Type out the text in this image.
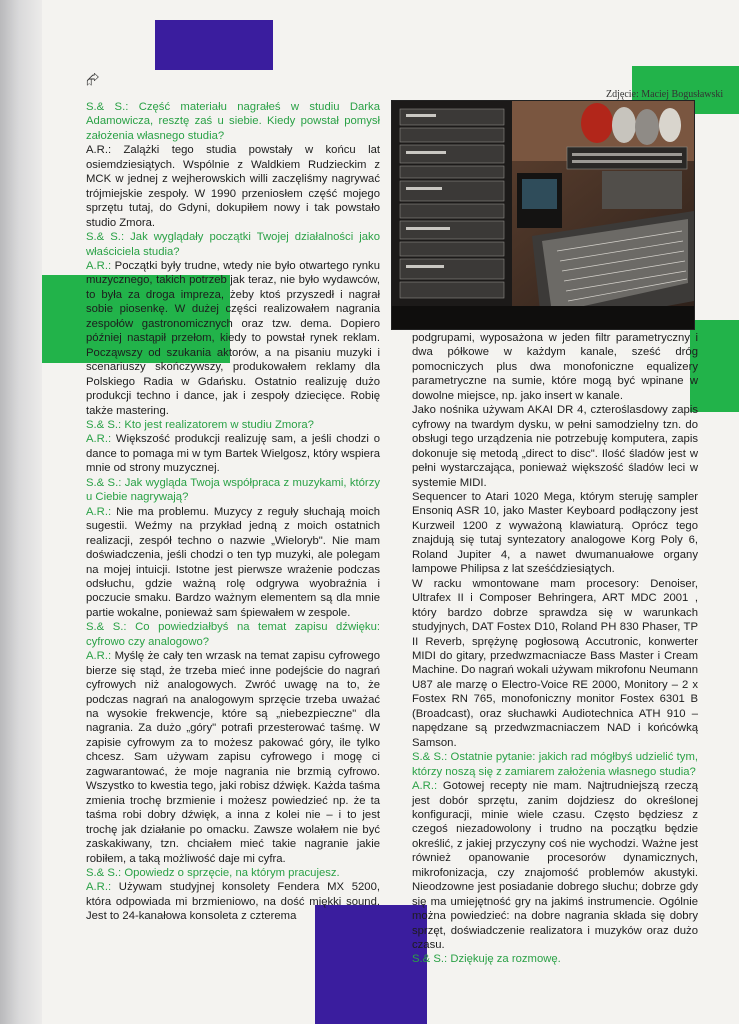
⮳
Zdjęcie: Maciej Bogusławski

S.& S.: Część materiału nagrałeś w studiu Darka Adamowicza, resztę zaś u siebie. Kiedy powstał pomysł założenia własnego studia?

A.R.: Zalążki tego studia powstały w końcu lat osiemdziesiątych. Wspólnie z Waldkiem Rudzieckim z MCK w jednej z wejherowskich willi zaczęliśmy nagrywać trójmiejskie zespoły. W 1990 przeniosłem część mojego sprzętu tutaj, do Gdyni, dokupiłem nowy i tak powstało studio Zmora.

S.& S.: Jak wyglądały początki Twojej działalności jako właściciela studia?

A.R.: Początki były trudne, wtedy nie było otwartego rynku muzycznego, takich potrzeb jak teraz, nie było wydawców, to była za droga impreza, żeby ktoś przyszedł i nagrał sobie piosenkę. W dużej części realizowałem nagrania zespołów gastronomicznych oraz tzw. dema. Dopiero później nastąpił przełom, kiedy to powstał rynek reklam. Począwszy od szukania aktorów, a na pisaniu muzyki i scenariuszy skończywszy, produkowałem reklamy dla Polskiego Radia w Gdańsku. Ostatnio realizuję dużo produkcji techno i dance, jak i zespoły dziecięce. Robię także mastering.

S.& S.: Kto jest realizatorem w studiu Zmora?

A.R.: Większość produkcji realizuję sam, a jeśli chodzi o dance to pomaga mi w tym Bartek Wielgosz, który wspiera mnie od strony muzycznej.

S.& S.: Jak wygląda Twoja współpraca z muzykami, którzy u Ciebie nagrywają?

A.R.: Nie ma problemu. Muzycy z reguły słuchają moich sugestii. Weźmy na przykład jedną z moich ostatnich realizacji, zespół techno o nazwie „Wieloryb". Nie mam doświadczenia, jeśli chodzi o ten typ muzyki, ale polegam na mojej intuicji. Istotne jest pierwsze wrażenie podczas odsłuchu, gdzie ważną rolę odgrywa wyobraźnia i poczucie smaku. Bardzo ważnym elementem są dla mnie partie wokalne, ponieważ sam śpiewałem w zespole.

S.& S.: Co powiedziałbyś na temat zapisu dźwięku: cyfrowo czy analogowo?

A.R.: Myślę że cały ten wrzask na temat zapisu cyfrowego bierze się stąd, że trzeba mieć inne podejście do nagrań cyfrowych niż analogowych. Zwróć uwagę na to, że podczas nagrań na analogowym sprzęcie trzeba uważać na wysokie frekwencje, które są „niebezpieczne" dla nagrania. Za dużo „góry" potrafi przesterować taśmę. W zapisie cyfrowym za to możesz pakować góry, ile tylko chcesz. Sam używam zapisu cyfrowego i mogę ci zagwarantować, że moje nagrania nie brzmią cyfrowo. Wszystko to kwestia tego, jaki robisz dźwięk. Każda taśma zmienia trochę brzmienie i możesz powiedzieć np. że ta taśma robi dobry dźwięk, a inna z kolei nie – i to jest trochę jak działanie po omacku. Zawsze wolałem nie być zaskakiwany, tzn. chciałem mieć takie nagranie jakie robiłem, a taką możliwość daje mi cyfra.

S.& S.: Opowiedz o sprzęcie, na którym pracujesz.

A.R.: Używam studyjnej konsolety Fendera MX 5200, która odpowiada mi brzmieniowo, na dość miękki sound. Jest to 24-kanałowa konsoleta z czterema

podgrupami, wyposażona w jeden filtr parametryczny i dwa półkowe w każdym kanale, sześć dróg pomocniczych plus dwa monofoniczne equalizery parametryczne na sumie, które mogą być wpinane w dowolne miejsce, np. jako insert w kanale.

Jako nośnika używam AKAI DR 4, czteroślasdowy zapis cyfrowy na twardym dysku, w pełni samodzielny tzn. do obsługi tego urządzenia nie potrzebuję komputera, zapis dokonuje się metodą „direct to disc". Ilość śladów jest w pełni wystarczająca, ponieważ większość śladów leci w systemie MIDI.

Sequencer to Atari 1020 Mega, którym steruję sampler Ensoniq ASR 10, jako Master Keyboard podłączony jest Kurzweil 1200 z wyważoną klawiaturą. Oprócz tego znajdują się tutaj syntezatory analogowe Korg Poly 6, Roland Jupiter 4, a nawet dwumanuałowe organy lampowe Philipsa z lat sześćdziesiątych.

W racku wmontowane mam procesory: Denoiser, Ultrafex II i Composer Behringera, ART MDC 2001 , który bardzo dobrze sprawdza się w warunkach studyjnych, DAT Fostex D10, Roland PH 830 Phaser, TP II Reverb, sprężynę pogłosową Accutronic, konwerter MIDI do gitary, przedwzmacniacze Bass Master i Cream Machine. Do nagrań wokali używam mikrofonu Neumann U87 ale marzę o Electro-Voice RE 2000, Monitory – 2 x Fostex RN 765, monofoniczny monitor Fostex 6301 B (Broadcast), oraz słuchawki Audiotechnica ATH 910 – napędzane są przedwzmacniaczem NAD i końcówką Samson.

S.& S.: Ostatnie pytanie: jakich rad mógłbyś udzielić tym, którzy noszą się z zamiarem założenia własnego studia?

A.R.: Gotowej recepty nie mam. Najtrudniejszą rzeczą jest dobór sprzętu, zanim dojdziesz do określonej konfiguracji, minie wiele czasu. Często będziesz z czegoś niezadowolony i trudno na początku będzie określić, z jakiej przyczyny coś nie wychodzi. Ważne jest również opanowanie procesorów dynamicznych, mikrofonizacja, czy znajomość problemów akustyki. Nieodzowne jest posiadanie dobrego słuchu; dobrze gdy się ma umiejętność gry na jakimś instrumencie. Ogólnie można powiedzieć: na dobre nagrania składa się dobry sprzęt, doświadczenie realizatora i muzyków oraz dużo czasu.

S.& S.: Dziękuję za rozmowę.
